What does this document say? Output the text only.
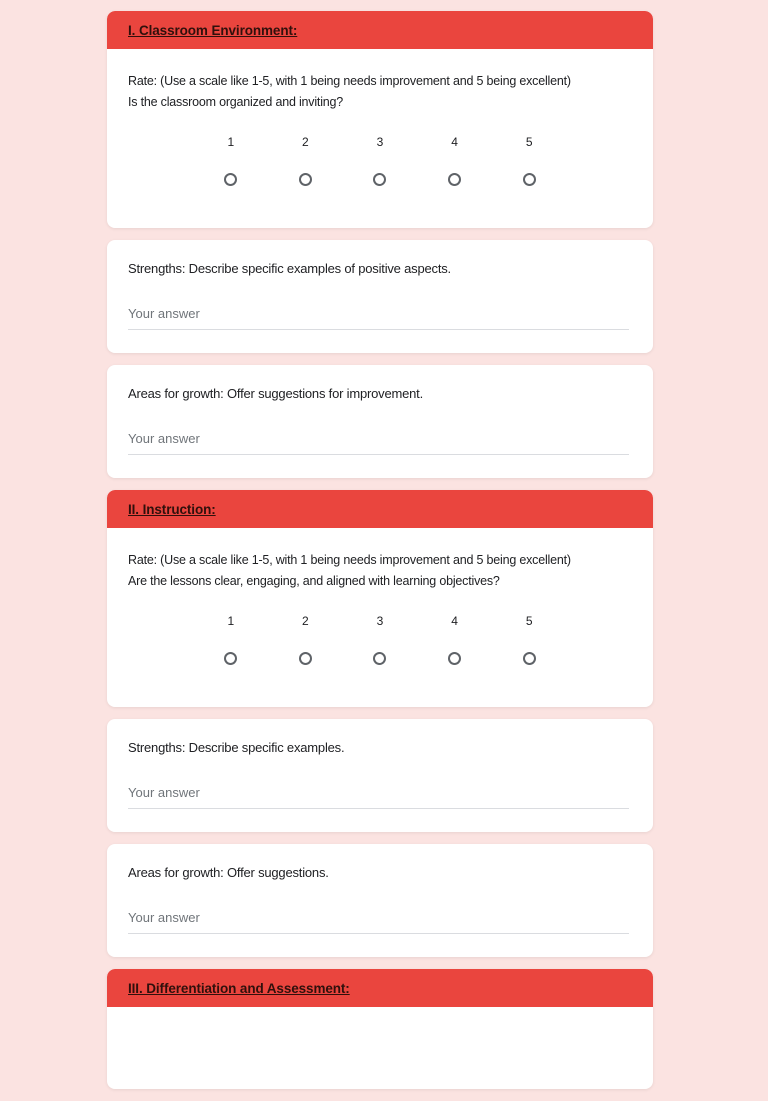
I. Classroom Environment:
Rate: (Use a scale like 1-5, with 1 being needs improvement and 5 being excellent)
Is the classroom organized and inviting?
1	2	3	4	5
Strengths: Describe specific examples of positive aspects.
Your answer
Areas for growth: Offer suggestions for improvement.
Your answer
II. Instruction:
Rate: (Use a scale like 1-5, with 1 being needs improvement and 5 being excellent)
Are the lessons clear, engaging, and aligned with learning objectives?
1	2	3	4	5
Strengths: Describe specific examples.
Your answer
Areas for growth: Offer suggestions.
Your answer
III. Differentiation and Assessment:
